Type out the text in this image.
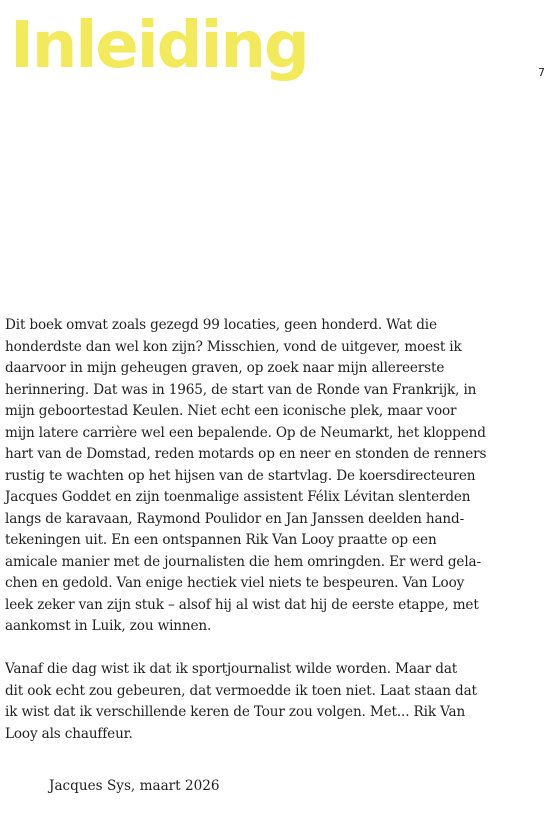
Inleiding	7
Dit boek omvat zoals gezegd 99 locaties, geen honderd. Wat die
honderdste dan wel kon zijn? Misschien, vond de uitgever, moest ik
daarvoor in mijn geheugen graven, op zoek naar mijn allereerste
herinnering. Dat was in 1965, de start van de Ronde van Frankrijk, in
mijn geboortestad Keulen. Niet echt een iconische plek, maar voor
mijn latere carrière wel een bepalende. Op de Neumarkt, het kloppend
hart van de Domstad, reden motards op en neer en stonden de renners
rustig te wachten op het hijsen van de startvlag. De koersdirecteuren
Jacques Goddet en zijn toenmalige assistent Félix Lévitan slenterden
langs de karavaan, Raymond Poulidor en Jan Janssen deelden hand-
tekeningen uit. En een ontspannen Rik Van Looy praatte op een
amicale manier met de journalisten die hem omringden. Er werd gela-
chen en gedold. Van enige hectiek viel niets te bespeuren. Van Looy
leek zeker van zijn stuk – alsof hij al wist dat hij de eerste etappe, met
aankomst in Luik, zou winnen.
Vanaf die dag wist ik dat ik sportjournalist wilde worden. Maar dat
dit ook echt zou gebeuren, dat vermoedde ik toen niet. Laat staan dat
ik wist dat ik verschillende keren de Tour zou volgen. Met... Rik Van
Looy als chauffeur.
Jacques Sys, maart 2026
